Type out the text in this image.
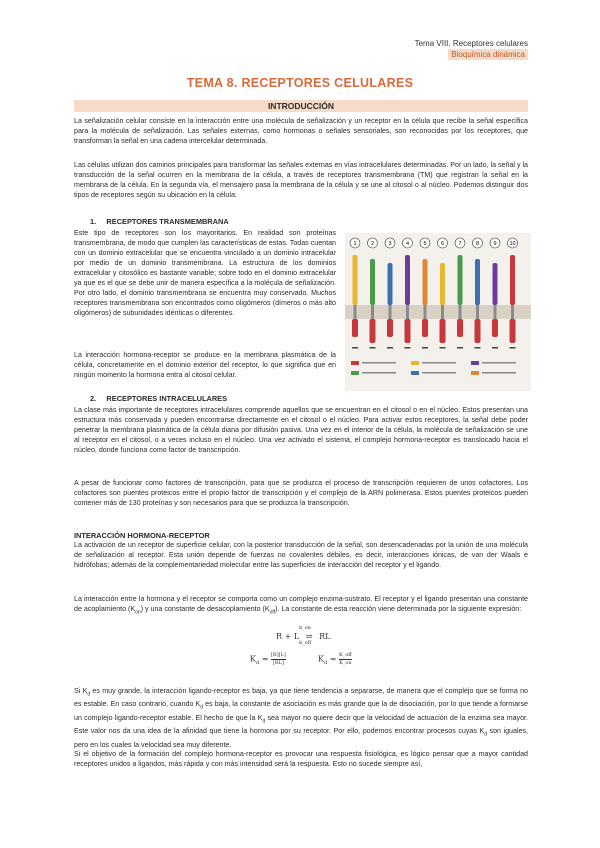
Tema VIII. Receptores celulares
Bioquímica dinámica
TEMA 8. RECEPTORES CELULARES
INTRODUCCIÓN
La señalización celular consiste en la interacción entre una molécula de señalización y un receptor en la célula que recibe la señal específica para la molécula de señalización. Las señales externas, como hormonas o señales sensoriales, son reconocidas por los receptores, que transforman la señal en una cadena intercelular determinada.
Las células utilizan dos caminos principales para transformar las señales externas en vías intracelulares determinadas. Por un lado, la señal y la transducción de la señal ocurren en la membrana de la célula, a través de receptores transmembrana (TM) que registran la señal en la membrana de la célula. En la segunda vía, el mensajero pasa la membrana de la célula y se une al citosol o al núcleo. Podemos distinguir dos tipos de receptores según su ubicación en la célula:
1.     RECEPTORES TRANSMEMBRANA
Este tipo de receptores son los mayoritarios. En realidad son proteínas transmembrana, de modo que cumplen las características de estas. Todas cuentan con un dominio extracelular que se encuentra vinculado a un dominio intracelular por medio de un dominio transmembrana. La estructura de los dominios extracelular y citosólico es bastante variable; sobre todo en el dominio extracelular ya que es el que se debe unir de manera específica a la molécula de señalización. Por otro lado, el dominio transmembrana se encuentra muy conservado. Muchos receptores transmembrana son encontrados como oligómeros (dímeros o más alto oligómeros) de subunidades idénticas o diferentes.
La interacción hormona-receptor se produce en la membrana plasmática de la célula, concretamente en el dominio exterior del receptor, lo que significa que en ningún momento la hormona entra al citosol celular.
1	2	3	4	5	6	7	8	9 10
2.     RECEPTORES INTRACELULARES
La clase más importante de receptores intracelulares comprende aquellos que se encuentran en el citosol o en el núcleo. Estos presentan una estructura más conservada y pueden encontrarse directamente en el citosol o el núcleo. Para activar estos receptores, la señal debe poder penetrar la membrana plasmática de la célula diana por difusión pasiva. Una vez en el interior de la célula, la molécula de señalización se une al receptor en el citosol, o a veces incluso en el núcleo. Una vez activado el sistema, el complejo hormona-receptor es translocado hacia el núcleo, donde funciona como factor de transcripción.
A pesar de funcionar como factores de transcripción, para que se produzca el proceso de transcripción requieren de unos cofactores. Los cofactores son puentes proteicos entre el propio factor de transcripción y el complejo de la ARN polimerasa. Estos puentes proteicos pueden contener más de 130 proteínas y son necesarios para que se produzca la transcripción.
INTERACCIÓN HORMONA-RECEPTOR
La activación de un receptor de superficie celular, con la posterior transducción de la señal, son desencadenadas por la unión de una molécula de señalización al receptor. Esta unión depende de fuerzas no covalentes débiles, es decir, interacciones iónicas, de van der Waals e hidrófobas; además de la complementariedad molecular entre las superficies de interacción del receptor y el ligando.
La interacción entre la hormona y el receptor se comporta como un complejo enzima-sustrato. El receptor y el ligando presentan una constante de acoplamiento $(K_{on})$ y una constante de desacoplamiento $(K_{off})$. La constante de esta reacción viene determinada por la siguiente expresión:
R + L
k_on
⇌
k_off
RL
$K_d = \frac{[R][L]}{[RL]}$	$K_d$ = K_off
K_on
Si $K_d$ es muy grande, la interacción ligando-receptor es baja, ya que tiene tendencia a separarse, de manera que el complejo que se forma no es estable. En caso contrario, cuando $K_d$ es baja, la constante de asociación es más grande que la de disociación, por lo que tiende a formarse un complejo ligando-receptor estable. El hecho de que la $K_d$ sea mayor no quiere decir que la velocidad de actuación de la enzima sea mayor. Este valor nos da una idea de la afinidad que tiene la hormona por su receptor. Por ello, podemos encontrar procesos cuyas $K_d$ son iguales, pero en los cuales la velocidad sea muy diferente.
Si el objetivo de la formación del complejo hormona-receptor es provocar una respuesta fisiológica, es lógico pensar que a mayor cantidad receptores unidos a ligandos, más rápida y con más intensidad será la respuesta. Esto no sucede siempre así,
